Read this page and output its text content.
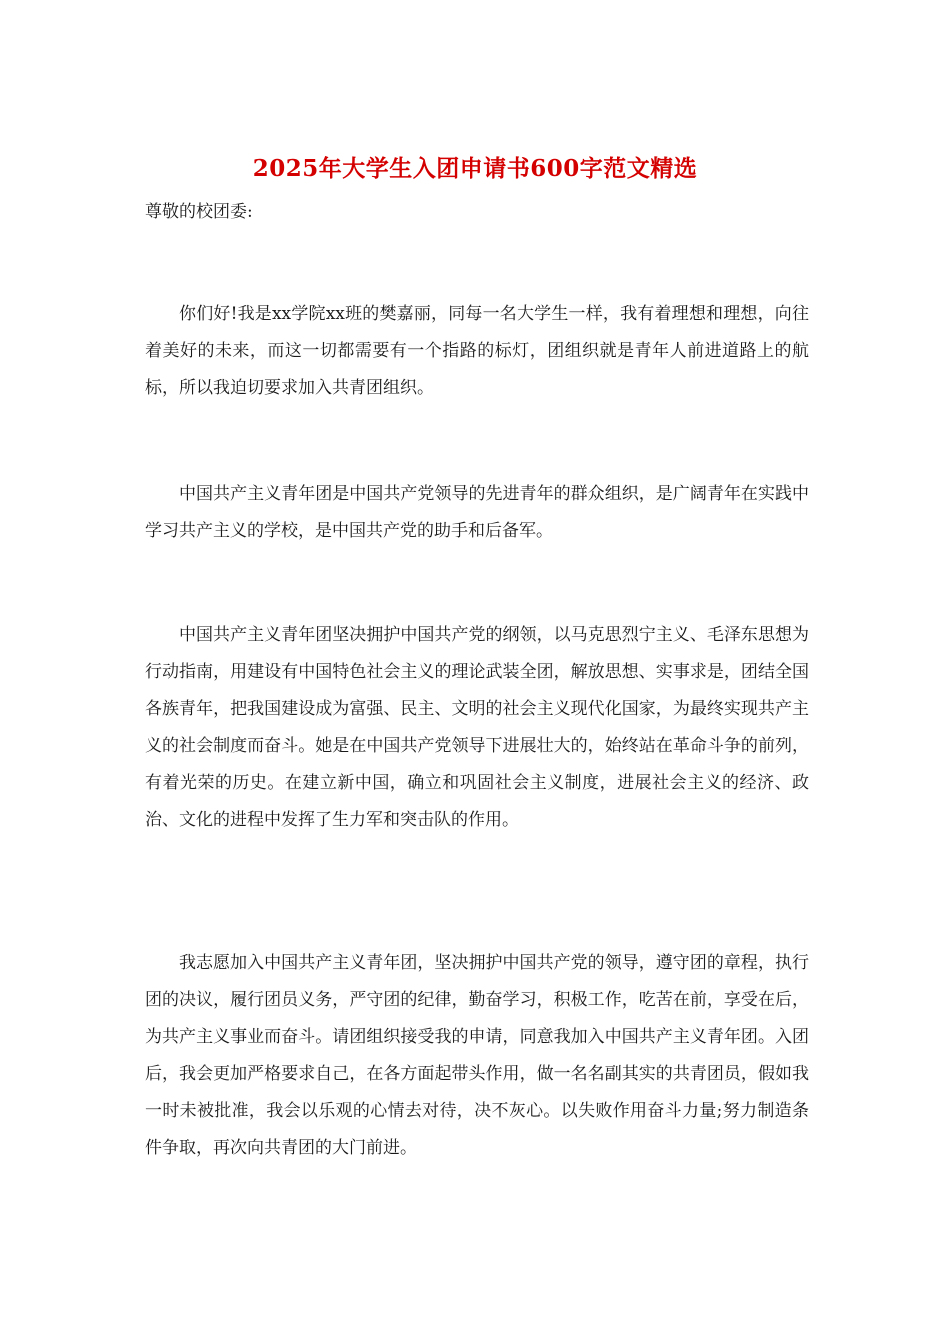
2025年大学生入团申请书600字范文精选
尊敬的校团委:

你们好!我是xx学院xx班的樊嘉丽，同每一名大学生一样，我有着理想和理想，向往着美好的未来，而这一切都需要有一个指路的标灯，团组织就是青年人前进道路上的航标，所以我迫切要求加入共青团组织。

中国共产主义青年团是中国共产党领导的先进青年的群众组织，是广阔青年在实践中学习共产主义的学校，是中国共产党的助手和后备军。

中国共产主义青年团坚决拥护中国共产党的纲领，以马克思烈宁主义、毛泽东思想为行动指南，用建设有中国特色社会主义的理论武装全团，解放思想、实事求是，团结全国各族青年，把我国建设成为富强、民主、文明的社会主义现代化国家，为最终实现共产主义的社会制度而奋斗。她是在中国共产党领导下进展壮大的，始终站在革命斗争的前列，有着光荣的历史。在建立新中国，确立和巩固社会主义制度，进展社会主义的经济、政治、文化的进程中发挥了生力军和突击队的作用。

我志愿加入中国共产主义青年团，坚决拥护中国共产党的领导，遵守团的章程，执行团的决议，履行团员义务，严守团的纪律，勤奋学习，积极工作，吃苦在前，享受在后，为共产主义事业而奋斗。请团组织接受我的申请，同意我加入中国共产主义青年团。入团后，我会更加严格要求自己，在各方面起带头作用，做一名名副其实的共青团员，假如我一时未被批准，我会以乐观的心情去对待，决不灰心。以失败作用奋斗力量;努力制造条件争取，再次向共青团的大门前进。
